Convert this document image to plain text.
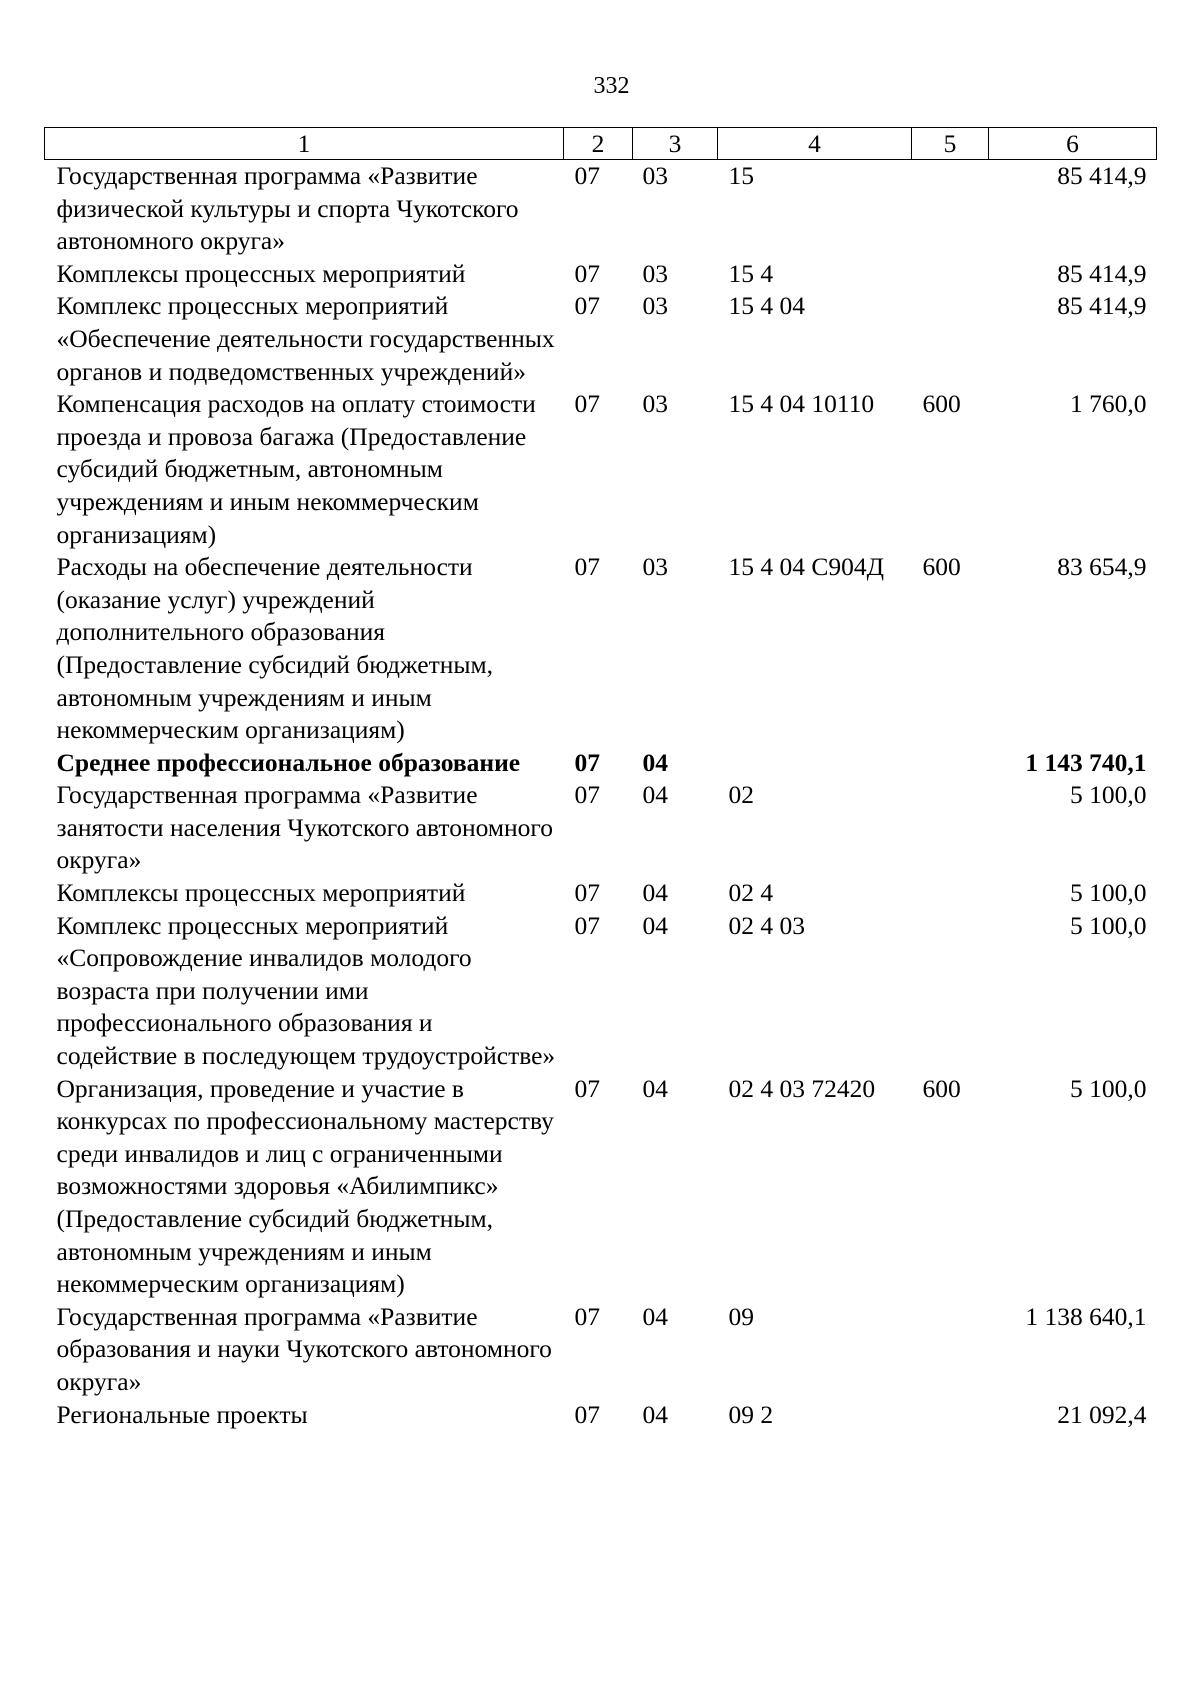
332
1	2	3	4	5	6
Государственная программа «Развитие физической культуры и спорта Чукотского автономного округа»	07	03	15		85 414,9
Комплексы процессных мероприятий	07	03	15 4		85 414,9
Комплекс процессных мероприятий «Обеспечение деятельности государственных органов и подведомственных учреждений»	07	03	15 4 04		85 414,9
Компенсация расходов на оплату стоимости проезда и провоза багажа (Предоставление субсидий бюджетным, автономным учреждениям и иным некоммерческим организациям)	07	03	15 4 04 10110	600	1 760,0
Расходы на обеспечение деятельности (оказание услуг) учреждений дополнительного образования (Предоставление субсидий бюджетным, автономным учреждениям и иным некоммерческим организациям)	07	03	15 4 04 С904Д	600	83 654,9
Среднее профессиональное образование	07	04			1 143 740,1
Государственная программа «Развитие занятости населения Чукотского автономного округа»	07	04	02		5 100,0
Комплексы процессных мероприятий	07	04	02 4		5 100,0
Комплекс процессных мероприятий «Сопровождение инвалидов молодого возраста при получении ими профессионального образования и содействие в последующем трудоустройстве»	07	04	02 4 03		5 100,0
Организация, проведение и участие в конкурсах по профессиональному мастерству среди инвалидов и лиц с ограниченными возможностями здоровья «Абилимпикс» (Предоставление субсидий бюджетным, автономным учреждениям и иным некоммерческим организациям)	07	04	02 4 03 72420	600	5 100,0
Государственная программа «Развитие образования и науки Чукотского автономного округа»	07	04	09		1 138 640,1
Региональные проекты	07	04	09 2		21 092,4
